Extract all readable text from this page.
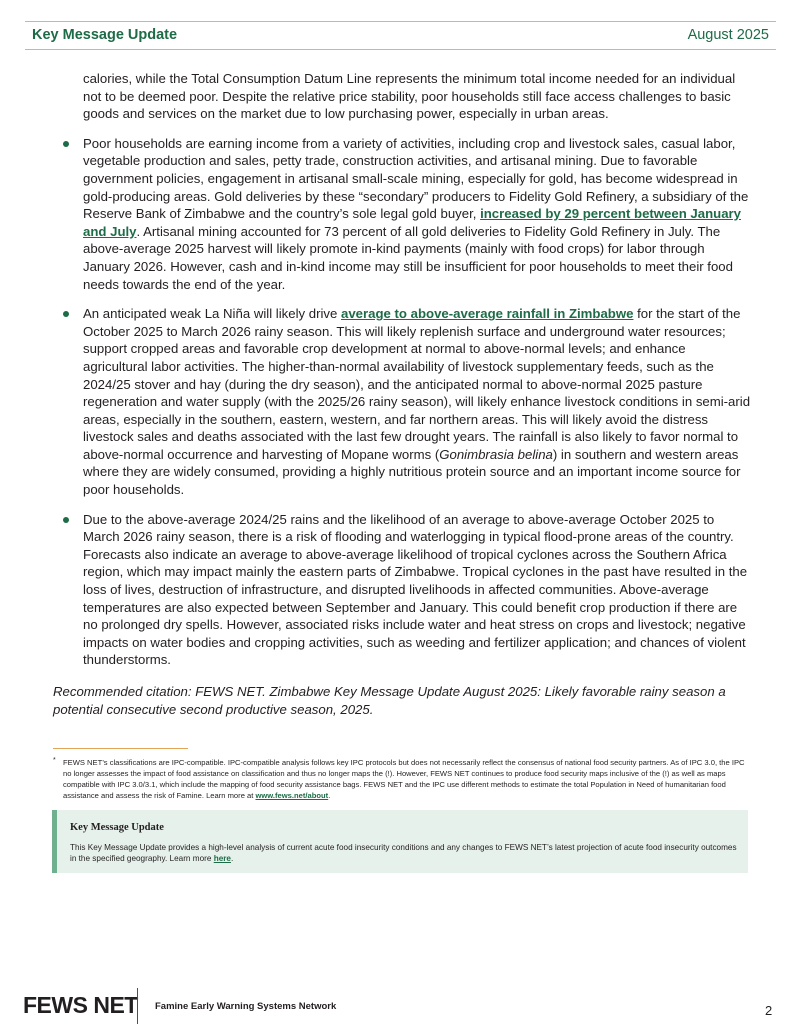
Key Message Update	August 2025

calories, while the Total Consumption Datum Line represents the minimum total income needed for an individual not to be deemed poor. Despite the relative price stability, poor households still face access challenges to basic goods and services on the market due to low purchasing power, especially in urban areas.

Poor households are earning income from a variety of activities, including crop and livestock sales, casual labor, vegetable production and sales, petty trade, construction activities, and artisanal mining. Due to favorable government policies, engagement in artisanal small-scale mining, especially for gold, has become widespread in gold-producing areas. Gold deliveries by these “secondary” producers to Fidelity Gold Refinery, a subsidiary of the Reserve Bank of Zimbabwe and the country’s sole legal gold buyer, increased by 29 percent between January and July. Artisanal mining accounted for 73 percent of all gold deliveries to Fidelity Gold Refinery in July. The above-average 2025 harvest will likely promote in-kind payments (mainly with food crops) for labor through January 2026. However, cash and in-kind income may still be insufficient for poor households to meet their food needs towards the end of the year.
An anticipated weak La Niña will likely drive average to above-average rainfall in Zimbabwe for the start of the October 2025 to March 2026 rainy season. This will likely replenish surface and underground water resources; support cropped areas and favorable crop development at normal to above-normal levels; and enhance agricultural labor activities. The higher-than-normal availability of livestock supplementary feeds, such as the 2024/25 stover and hay (during the dry season), and the anticipated normal to above-normal 2025 pasture regeneration and water supply (with the 2025/26 rainy season), will likely enhance livestock conditions in semi-arid areas, especially in the southern, eastern, western, and far northern areas. This will likely avoid the distress livestock sales and deaths associated with the last few drought years. The rainfall is also likely to favor normal to above-normal occurrence and harvesting of Mopane worms (Gonimbrasia belina) in southern and western areas where they are widely consumed, providing a highly nutritious protein source and an important income source for poor households.
Due to the above-average 2024/25 rains and the likelihood of an average to above-average October 2025 to March 2026 rainy season, there is a risk of flooding and waterlogging in typical flood-prone areas of the country. Forecasts also indicate an average to above-average likelihood of tropical cyclones across the Southern Africa region, which may impact mainly the eastern parts of Zimbabwe. Tropical cyclones in the past have resulted in the loss of lives, destruction of infrastructure, and disrupted livelihoods in affected communities. Above-average temperatures are also expected between September and January. This could benefit crop production if there are no prolonged dry spells. However, associated risks include water and heat stress on crops and livestock; negative impacts on water bodies and cropping activities, such as weeding and fertilizer application; and chances of violent thunderstorms.

Recommended citation: FEWS NET. Zimbabwe Key Message Update August 2025: Likely favorable rainy season a potential consecutive second productive season, 2025.

* FEWS NET’s classifications are IPC-compatible. IPC-compatible analysis follows key IPC protocols but does not necessarily reflect the consensus of national food security partners. As of IPC 3.0, the IPC no longer assesses the impact of food assistance on classification and thus no longer maps the (!). However, FEWS NET continues to produce food security maps inclusive of the (!) as well as maps compatible with IPC 3.0/3.1, which include the mapping of food security assistance bags. FEWS NET and the IPC use different methods to estimate the total Population in Need of humanitarian food assistance and assess the risk of Famine. Learn more at www.fews.net/about.
Key Message Update
This Key Message Update provides a high-level analysis of current acute food insecurity conditions and any changes to FEWS NET’s latest projection of acute food insecurity outcomes in the specified geography. Learn more here.
FEWS NET Famine Early Warning Systems Network	2
